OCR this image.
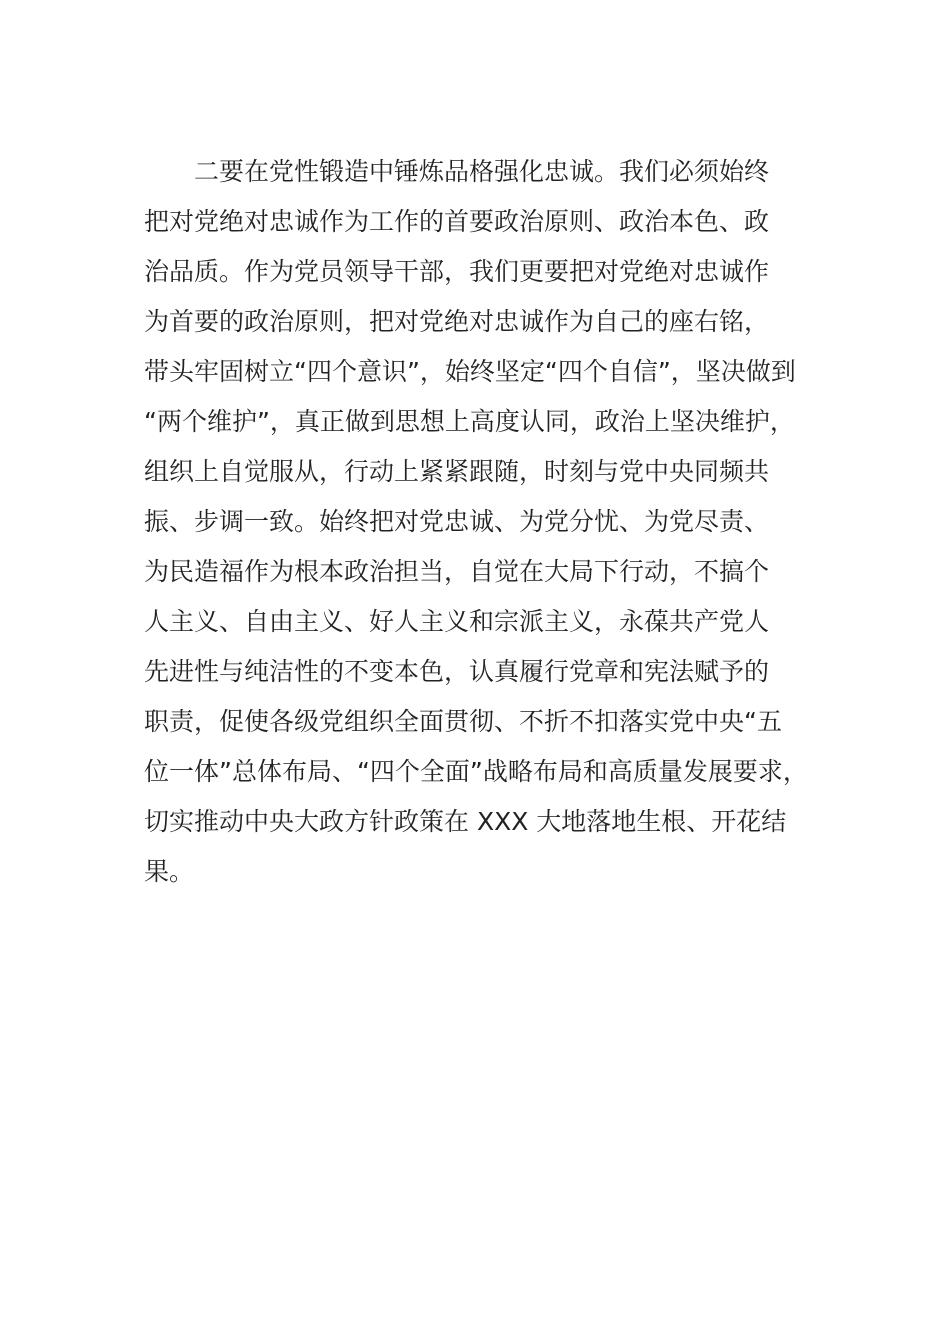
　　二要在党性锻造中锤炼品格强化忠诚。我们必须始终
把对党绝对忠诚作为工作的首要政治原则、政治本色、政
治品质。作为党员领导干部，我们更要把对党绝对忠诚作
为首要的政治原则，把对党绝对忠诚作为自己的座右铭，
带头牢固树立“四个意识”，始终坚定“四个自信”，坚决做到
“两个维护”，真正做到思想上高度认同，政治上坚决维护，
组织上自觉服从，行动上紧紧跟随，时刻与党中央同频共
振、步调一致。始终把对党忠诚、为党分忧、为党尽责、
为民造福作为根本政治担当，自觉在大局下行动，不搞个
人主义、自由主义、好人主义和宗派主义，永葆共产党人
先进性与纯洁性的不变本色，认真履行党章和宪法赋予的
职责，促使各级党组织全面贯彻、不折不扣落实党中央“五
位一体”总体布局、“四个全面”战略布局和高质量发展要求，
切实推动中央大政方针政策在 XXX 大地落地生根、开花结
果。
